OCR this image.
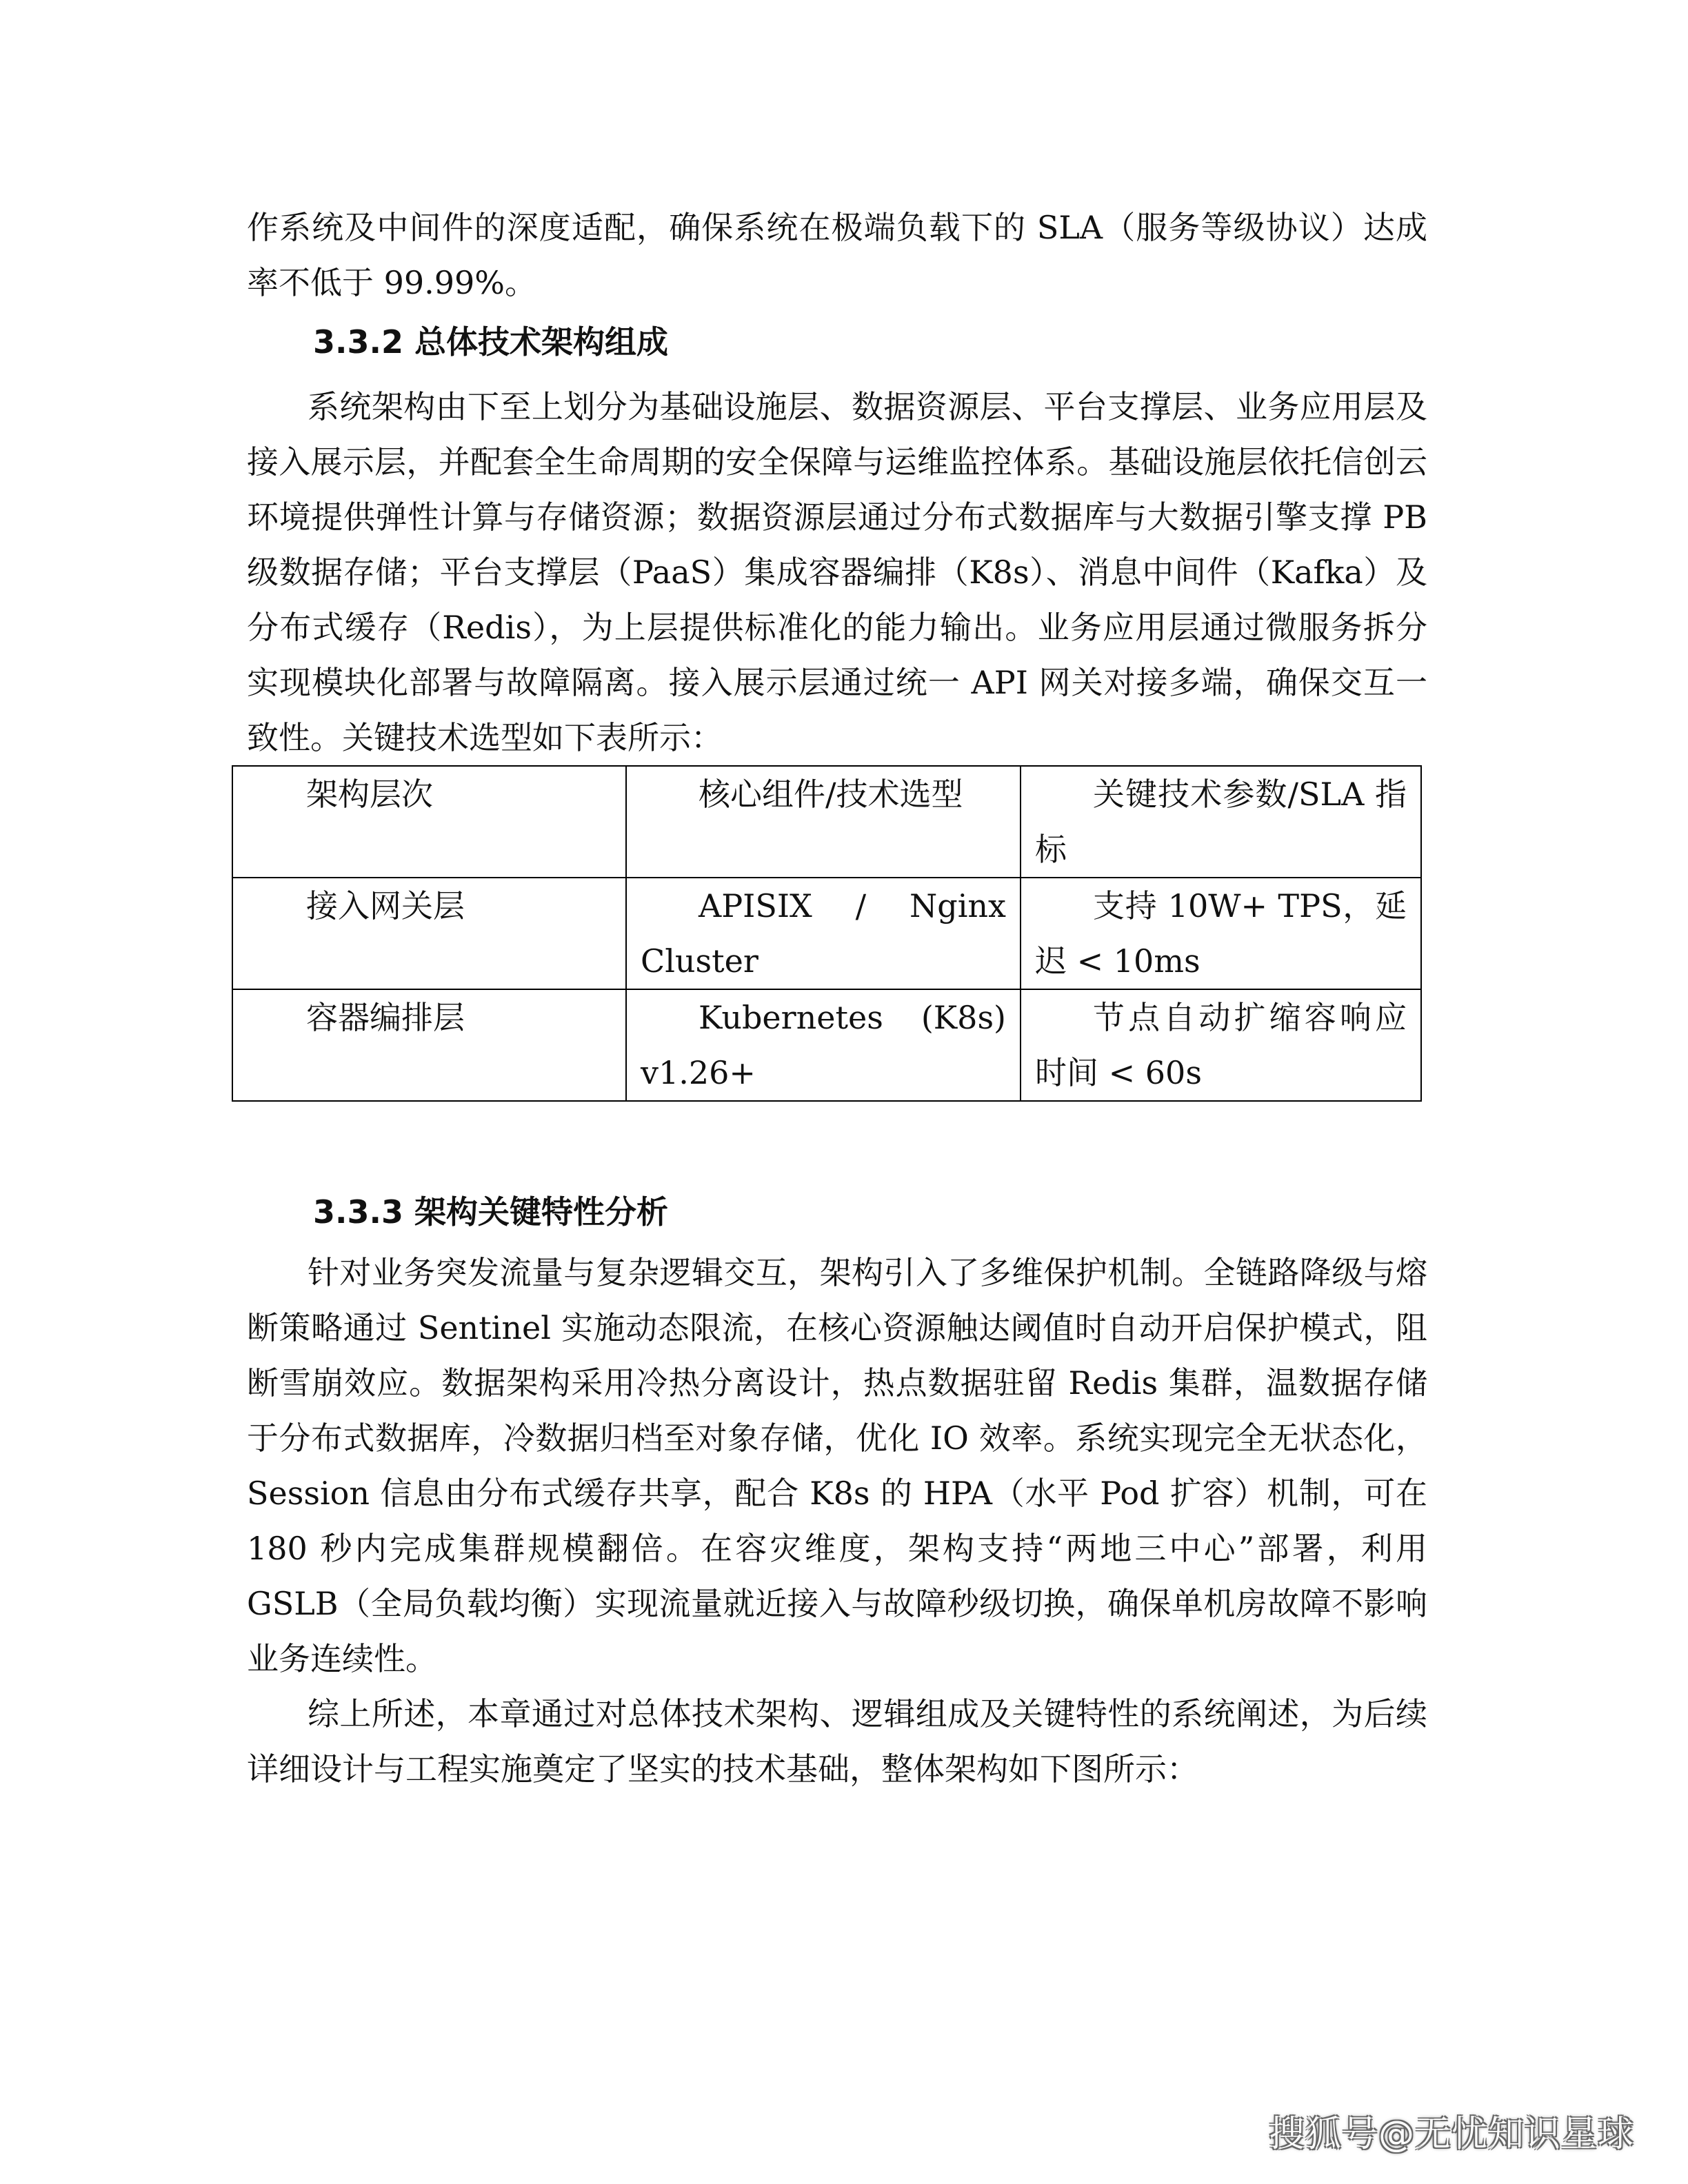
作系统及中间件的深度适配，确保系统在极端负载下的 SLA（服务等级协议）达成率不低于 99.99%。

3.3.2 总体技术架构组成

系统架构由下至上划分为基础设施层、数据资源层、平台支撑层、业务应用层及接入展示层，并配套全生命周期的安全保障与运维监控体系。基础设施层依托信创云环境提供弹性计算与存储资源；数据资源层通过分布式数据库与大数据引擎支撑 PB 级数据存储；平台支撑层（PaaS）集成容器编排（K8s）、消息中间件（Kafka）及分布式缓存（Redis），为上层提供标准化的能力输出。业务应用层通过微服务拆分实现模块化部署与故障隔离。接入展示层通过统一 API 网关对接多端，确保交互一致性。关键技术选型如下表所示：

架构层次	核心组件/技术选型	关键技术参数/SLA 指标
接入网关层	APISIX / Nginx Cluster	支持 10W+ TPS，延迟 < 10ms
容器编排层	Kubernetes (K8s) v1.26+	节点自动扩缩容响应时间 < 60s
3.3.3 架构关键特性分析

针对业务突发流量与复杂逻辑交互，架构引入了多维保护机制。全链路降级与熔断策略通过 Sentinel 实施动态限流，在核心资源触达阈值时自动开启保护模式，阻断雪崩效应。数据架构采用冷热分离设计，热点数据驻留 Redis 集群，温数据存储于分布式数据库，冷数据归档至对象存储，优化 IO 效率。系统实现完全无状态化，Session 信息由分布式缓存共享，配合 K8s 的 HPA（水平 Pod 扩容）机制，可在 180 秒内完成集群规模翻倍。在容灾维度，架构支持“两地三中心”部署，利用 GSLB（全局负载均衡）实现流量就近接入与故障秒级切换，确保单机房故障不影响业务连续性。

综上所述，本章通过对总体技术架构、逻辑组成及关键特性的系统阐述，为后续详细设计与工程实施奠定了坚实的技术基础，整体架构如下图所示：

搜狐号@无忧知识星球
